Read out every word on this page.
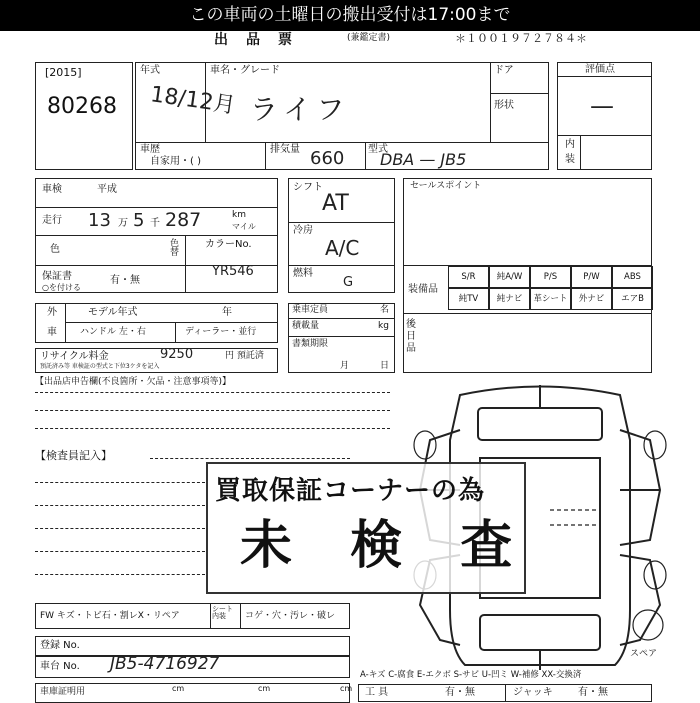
この車両の土曜日の搬出受付は17:00まで
出品票	(兼鑑定書)	＊１００１９７２７８４＊
[2015]
80268
年式	車名・グレード	ドア
形状
18/12月 ライフ
車歴
自家用・( )
排気量 660 型式
DBA — JB5
評価点
—
内
装
車検	平成
走行 13 万 5 千 287	km
マイル
色	色替
カラーNo.
保証書	有・無
○を付ける
YR546
外
車
モデル年式	年
ハンドル 左・右	ディーラー・並行
リサイクル料金	9250	円 預託済
預託済み等 車検証の型式と下位3ケタを記入
シフト
AT
冷房
A/C
燃料
G
乗車定員	名
積載量	kg
書類期限
月	日
セールスポイント
装備品
S/R	純A/W	P/S	P/W	ABS
純TV	純ナビ	革シート	外ナビ	エアB
後
日
品
【出品店申告欄(不良箇所・欠品・注意事項等)】
【検査員記入】
スペア
買取保証コーナーの為
未 検 査
FW キズ・トビ石・割レX・リペア
シート内装	コゲ・穴・汚レ・破レ
登録 No.
車台 No. JB5-4716927
車庫証明用	cm	cm	cm
A-キズ C-腐食 E-エクボ S-サビ U-凹ミ W-補修 XX-交換済
工 具	有・無	ジャッキ	有・無
